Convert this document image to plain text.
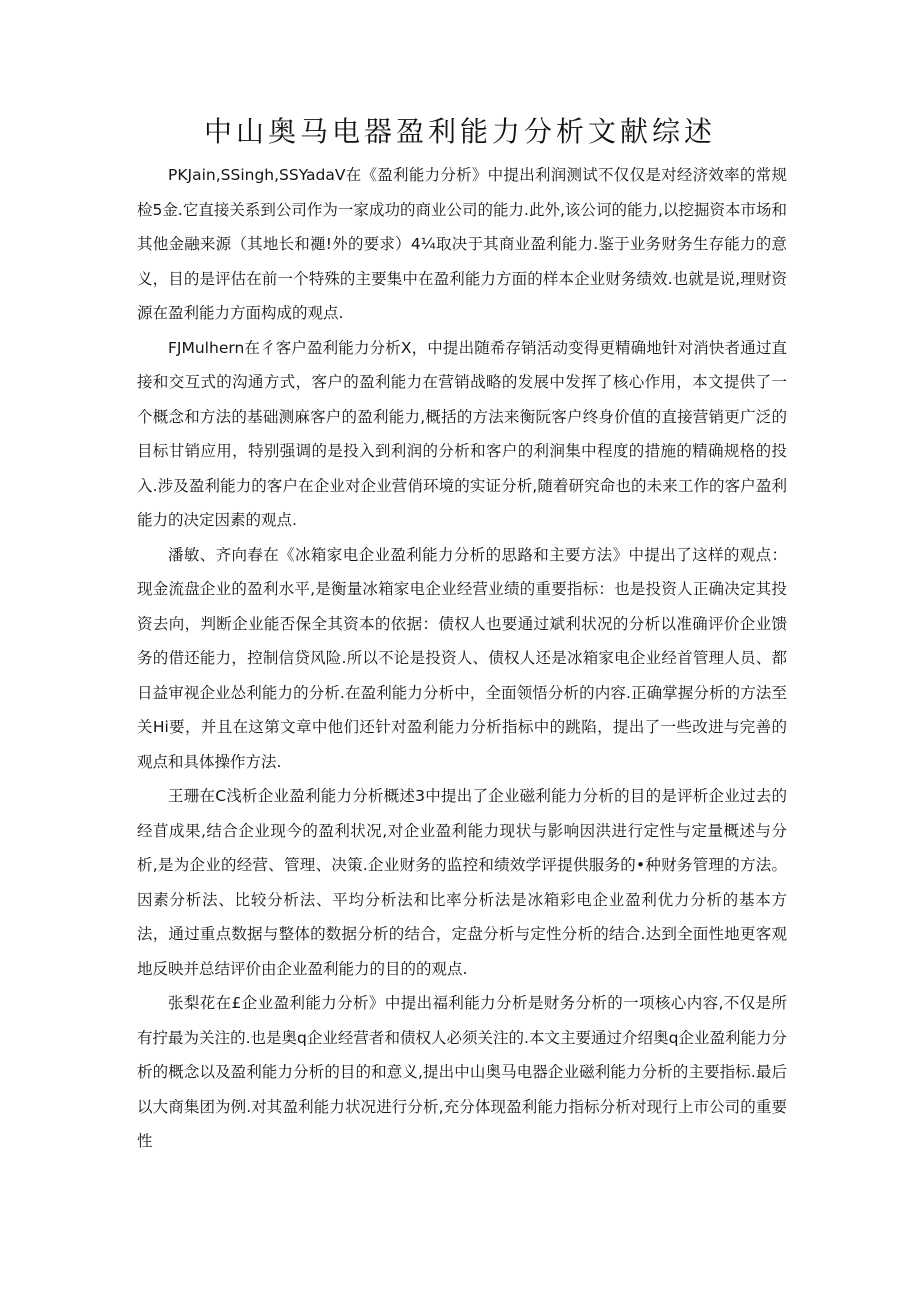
中山奥马电器盈利能力分析文献综述

PKJain,SSingh,SSYadaV在《盈利能力分析》中提出利润测试不仅仅是对经济效率的常规检5金.它直接关系到公司作为一家成功的商业公司的能力.此外,该公诃的能力,以挖掘资本市场和其他金融来源（其地长和禵!外的要求）4¼取决于其商业盈利能力.鉴于业务财务生存能力的意义，目的是评估在前一个特殊的主要集中在盈利能力方面的样本企业财务绩效.也就是说,理财资源在盈利能力方面构成的观点.

FJMulhern在彳客户盈利能力分析X，中提出随希存销活动变得更精确地针对消快者通过直接和交互式的沟通方式，客户的盈利能力在营销战略的发展中发挥了核心作用，本文提供了一个概念和方法的基础测麻客户的盈利能力,概括的方法来衡阮客户终身价值的直接营销更广泛的目标甘销应用，特别强调的是投入到利润的分析和客户的利涧集中程度的措施的精确规格的投入.涉及盈利能力的客户在企业对企业营俏环境的实证分析,随着研究命也的未来工作的客户盈利能力的决定因素的观点.

潘敏、齐向春在《冰箱家电企业盈利能力分析的思路和主要方法》中提出了这样的观点：现金流盘企业的盈利水平,是衡量冰箱家电企业经营业绩的重要指标：也是投资人正确决定其投资去向，判断企业能否保全其资本的依据：债权人也要通过斌利状况的分析以准确评价企业馈务的借还能力，控制信贷风险.所以不论是投资人、债权人还是冰箱家电企业经首管理人员、都日益审视企业怂利能力的分析.在盈利能力分析中，全面领悟分析的内容.正确掌握分析的方法至关Hi要，并且在这第文章中他们还针对盈利能力分析指标中的跳陷，提出了一些改进与完善的观点和具体操作方法.

王珊在C浅析企业盈利能力分析概述3中提出了企业磁利能力分析的目的是评析企业过去的经苜成果,结合企业现今的盈利状况,对企业盈利能力现状与影响因洪进行定性与定量概述与分析,是为企业的经营、管理、决策.企业财务的监控和绩效学评提供服务的•种财务管理的方法。因素分析法、比较分析法、平均分析法和比率分析法是冰箱彩电企业盈利优力分析的基本方法，通过重点数据与整体的数据分析的结合，定盘分析与定性分析的结合.达到全面性地更客观地反映并总结评价由企业盈利能力的目的的观点.

张梨花在£企业盈利能力分析》中提出福利能力分析是财务分析的一项核心内容,不仅是所有拧最为关注的.也是奥q企业经营者和债权人必须关注的.本文主要通过介绍奥q企业盈利能力分析的概念以及盈利能力分析的目的和意义,提出中山奥马电器企业磁利能力分析的主要指标.最后以大商集团为例.对其盈利能力状况进行分析,充分体现盈利能力指标分析对现行上市公司的重要性
